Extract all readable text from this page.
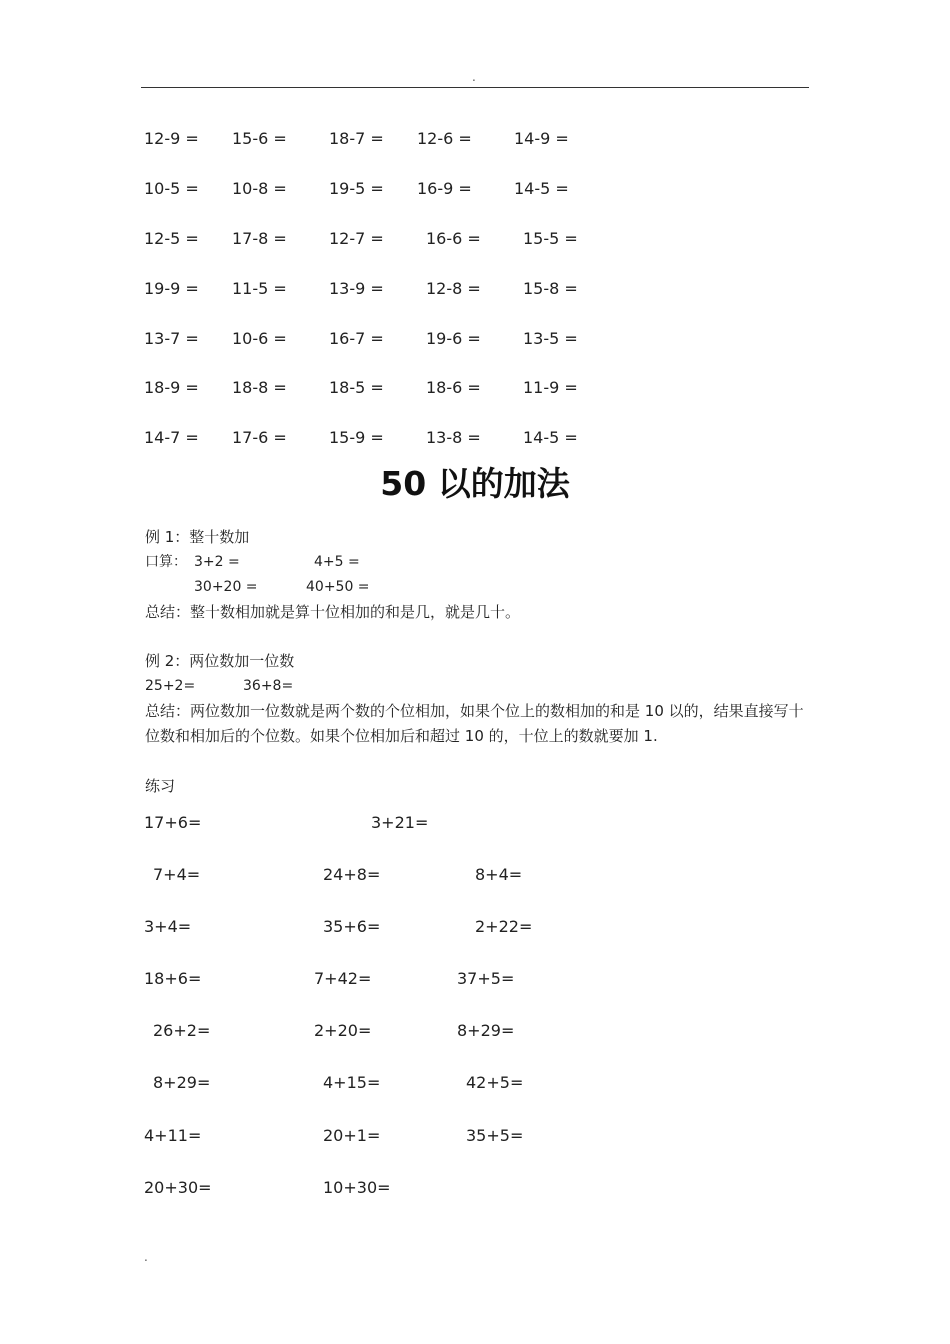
.
12-9 = 15-6 =	18-7 = 12-6 =	14-9 =
10-5 = 10-8 =	19-5 = 16-9 =	14-5 =
12-5 = 17-8 =	12-7 =	16-6 =	15-5 =
19-9 = 11-5 =	13-9 =	12-8 =	15-8 =
13-7 = 10-6 =	16-7 =	19-6 =	13-5 =
18-9 = 18-8 =	18-5 =	18-6 =	11-9 =
14-7 = 17-6 =	15-9 =	13-8 =	14-5 =
50 以的加法
例 1：整十数加
口算： 3+2 =	4+5 =
30+20 =	40+50 =
总结：整十数相加就是算十位相加的和是几，就是几十。
例 2：两位数加一位数
25+2=	36+8=
总结：两位数加一位数就是两个数的个位相加，如果个位上的数相加的和是 10 以的，结果直接写十位数和相加后的个位数。如果个位相加后和超过 10 的，十位上的数就要加 1.
练习
17+6=	3+21=
7+4=	24+8=	8+4=
3+4=	35+6=	2+22=
18+6=	7+42=	37+5=
26+2=	2+20=	8+29=
8+29=	4+15=	42+5=
4+11=	20+1=	35+5=
20+30=	10+30=
.
